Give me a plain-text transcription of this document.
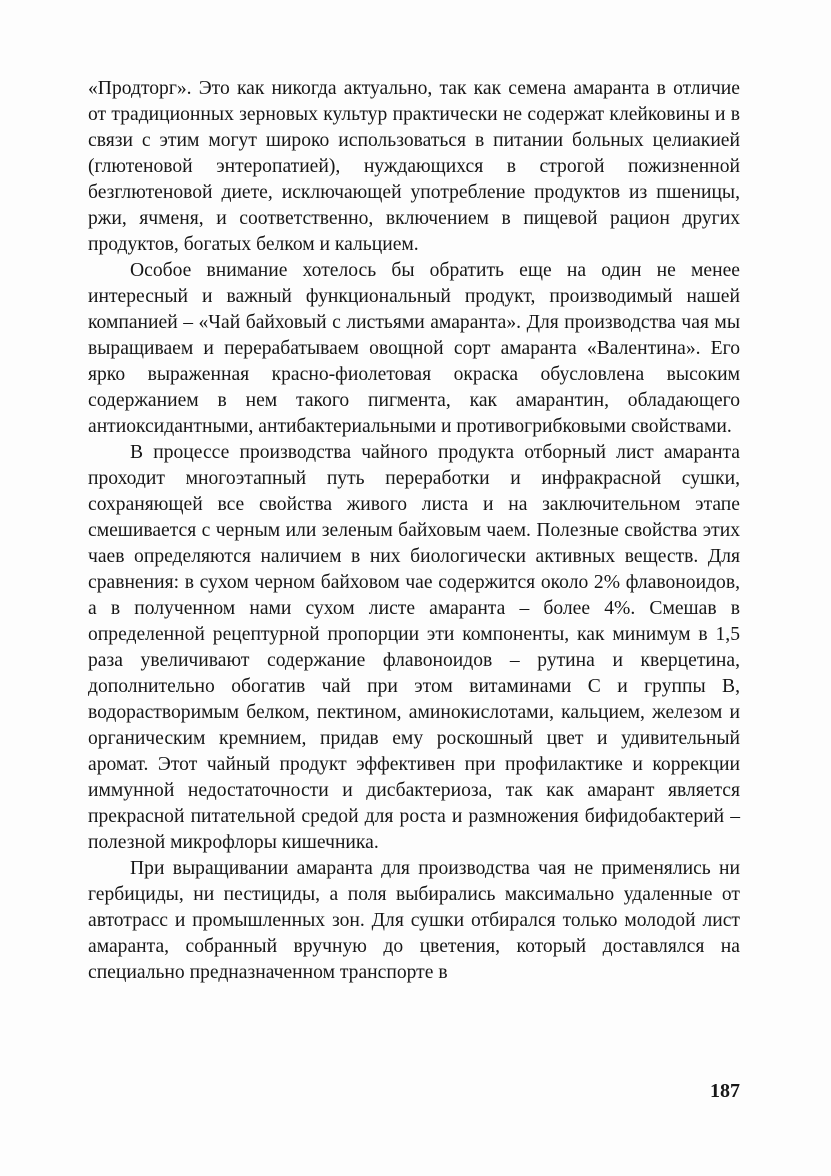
«Продторг». Это как никогда актуально, так как семена амаранта в отличие от традиционных зерновых культур практически не содержат клейковины и в связи с этим могут широко использоваться в питании больных целиакией (глютеновой энтеропатией), нуждающихся в строгой пожизненной безглютеновой диете, исключающей употребление продуктов из пшеницы, ржи, ячменя, и соответственно, включением в пищевой рацион других продуктов, богатых белком и кальцием.

Особое внимание хотелось бы обратить еще на один не менее интересный и важный функциональный продукт, производимый нашей компанией – «Чай байховый с листьями амаранта». Для производства чая мы выращиваем и перерабатываем овощной сорт амаранта «Валентина». Его ярко выраженная красно-фиолетовая окраска обусловлена высоким содержанием в нем такого пигмента, как амарантин, обладающего антиоксидантными, антибактериальными и противогрибковыми свойствами.

В процессе производства чайного продукта отборный лист амаранта проходит многоэтапный путь переработки и инфракрасной сушки, сохраняющей все свойства живого листа и на заключительном этапе смешивается с черным или зеленым байховым чаем. Полезные свойства этих чаев определяются наличием в них биологически активных веществ. Для сравнения: в сухом черном байховом чае содержится около 2% флавоноидов, а в полученном нами сухом листе амаранта – более 4%. Смешав в определенной рецептурной пропорции эти компоненты, как минимум в 1,5 раза увеличивают содержание флавоноидов – рутина и кверцетина, дополнительно обогатив чай при этом витаминами С и группы В, водорастворимым белком, пектином, аминокислотами, кальцием, железом и органическим кремнием, придав ему роскошный цвет и удивительный аромат. Этот чайный продукт эффективен при профилактике и коррекции иммунной недостаточности и дисбактериоза, так как амарант является прекрасной питательной средой для роста и размножения бифидобактерий – полезной микрофлоры кишечника.

При выращивании амаранта для производства чая не применялись ни гербициды, ни пестициды, а поля выбирались максимально удаленные от автотрасс и промышленных зон. Для сушки отбирался только молодой лист амаранта, собранный вручную до цветения, который доставлялся на специально предназначенном транспорте в

187
